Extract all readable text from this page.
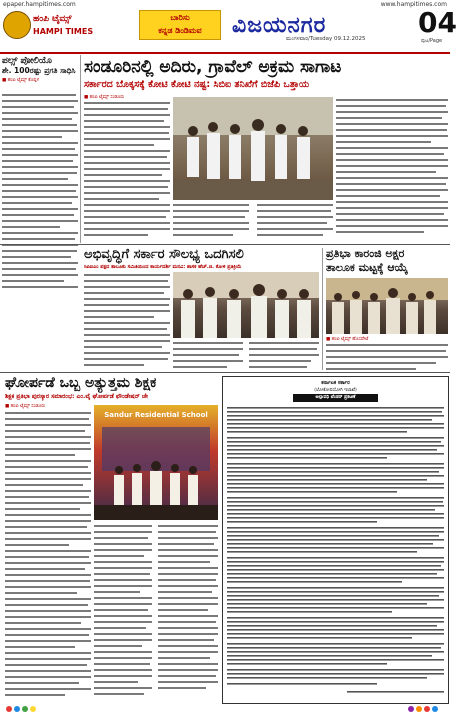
epaper.hampitimes.com	www.hampitimes.com
ಹಂಪಿ ಟೈಮ್ಸ್
HAMPI TIMES
ಬಾರಿಸು
ಕನ್ನಡ ಡಿಂಡಿಮವ	ವಿಜಯನಗರ
ಮಂಗಳವಾರ/Tuesday 09.12.2025 04
ಪುಟ/Page
ಪಲ್ಸ್ ಪೋಲಿಯೊ
ಶೇ. 100ರಷ್ಟು ಪ್ರಗತಿ ಸಾಧಿಸಿ
■ ಹಂಪಿ ಟೈಮ್ಸ್ ಕೊಪ್ಪಳ
ಸಂಡೂರಿನಲ್ಲಿ ಅದಿರು, ಗ್ರಾವೆಲ್ ಅಕ್ರಮ ಸಾಗಾಟ
ಸರ್ಕಾರದ ಬೊಕ್ಕಸಕ್ಕೆ ಕೋಟಿ ಕೋಟಿ ನಷ್ಟ: ಸಿಬಿಐ ತನಿಖೆಗೆ ಬಿಜೆಪಿ ಒತ್ತಾಯ
■ ಹಂಪಿ ಟೈಮ್ಸ್ ಸಂಡೂರು
ಅಭಿವೃದ್ಧಿಗೆ ಸರ್ಕಾರ ಸೌಲಭ್ಯ ಒದಗಿಸಲಿ
ಸಿಪಿಐಎಂ ಪಕ್ಷದ ತಾಲೂಕು ಸಮಿತಿಯಿಂದ ಕಾರ್ಯದರ್ಶಿ ಮನವಿ: ಶಾಸಕ ಹೆಚ್.ಜಿ. ಕೋಳಿ ಪ್ರತಿಕ್ರಿಯೆ
ಪ್ರತಿಭಾ ಕಾರಂಜಿ ಅಕ್ಷರ
ತಾಲೂಕ ಮಟ್ಟಕ್ಕೆ ಆಯ್ಕೆ
■ ಹಂಪಿ ಟೈಮ್ಸ್ ಹೊಸಪೇಟೆ
ಘೋರ್ಪಡೆ ಒಬ್ಬ ಅತ್ಯುತ್ತಮ ಶಿಕ್ಷಕ
ಶಿಕ್ಷಕ ಪ್ರತಿಭಾ ಪುರಸ್ಕಾರ ಸಮಾರಂಭ: ಎಂ.ವೈ ಘೋರ್ಪಡೆ ಫೌಂಡೇಷನ್ ಚೇ
■ ಹಂಪಿ ಟೈಮ್ಸ್ ಸಂಡೂರು
Sandur Residential School
ಕರ್ನಾಟಕ ಸರ್ಕಾರ
(ಲೋಕೋಪಯೋಗಿ ಇಲಾಖೆ)
ಅಲ್ಪಾವಧಿ ಟೆಂಡರ್ ಪ್ರಕಟಣೆ
